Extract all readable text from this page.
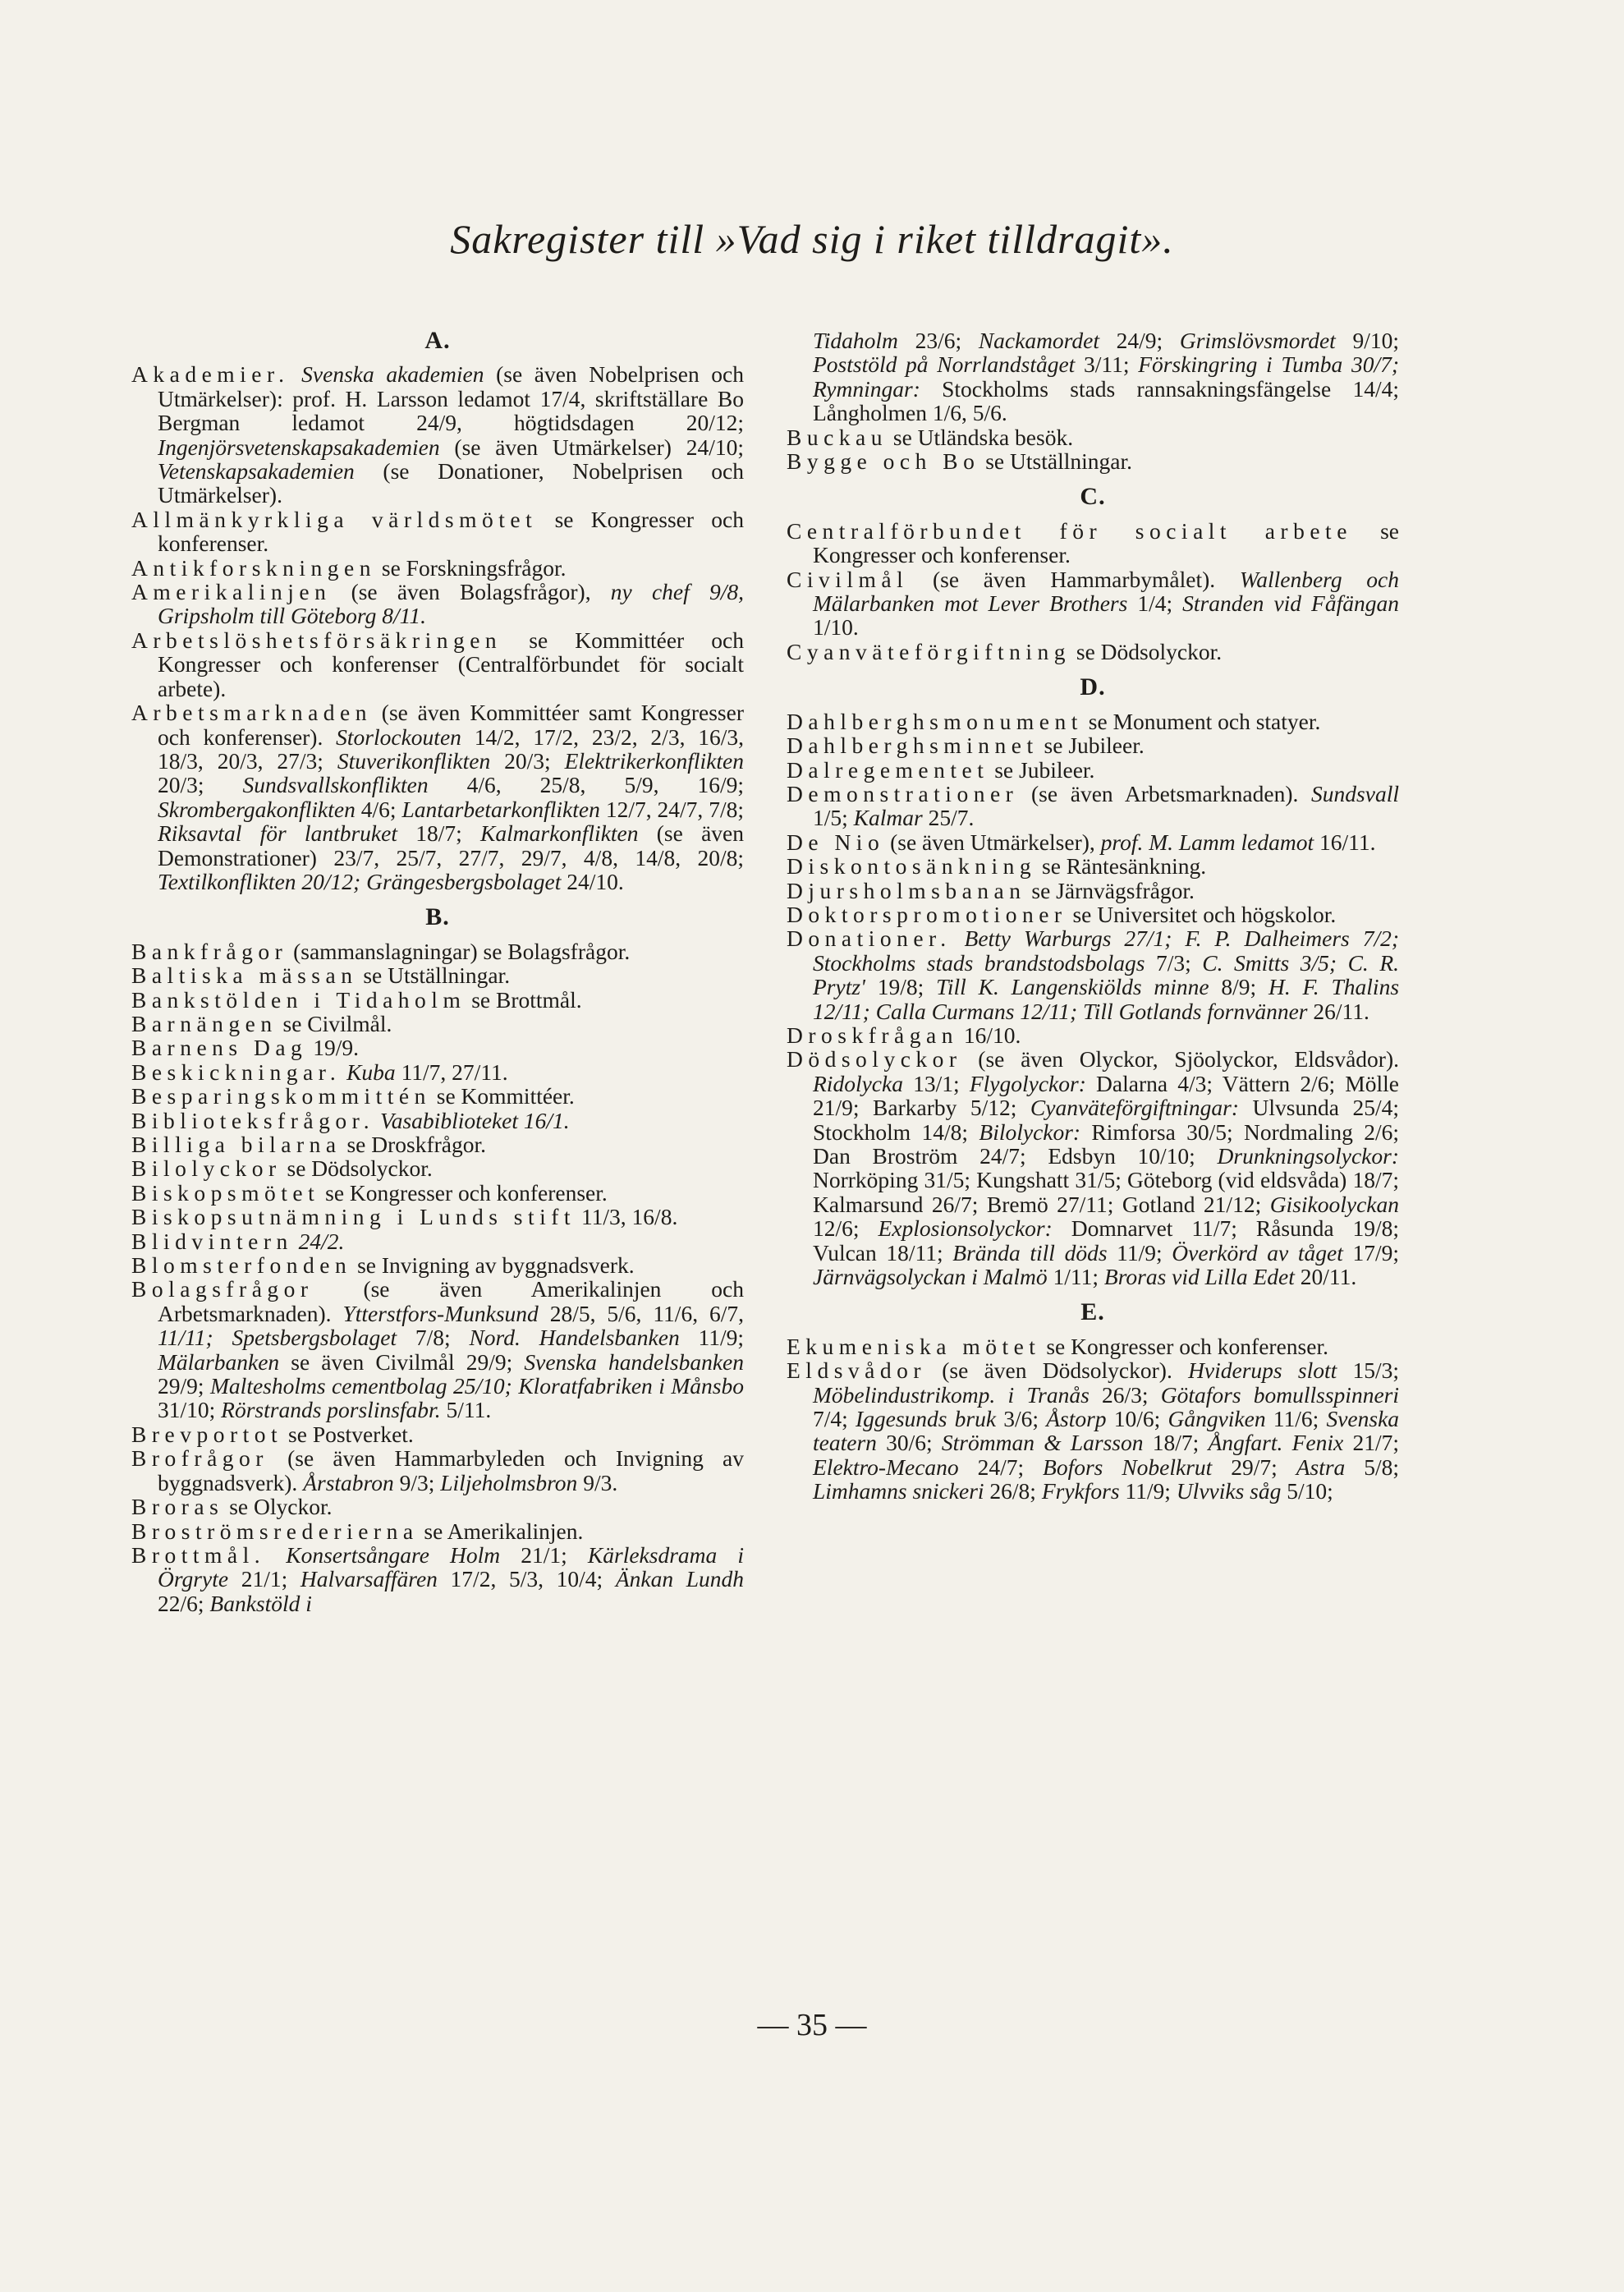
Sakregister till »Vad sig i riket tilldragit».
A.

Akademier. Svenska akademien (se även Nobelprisen och Utmärkelser): prof. H. Larsson ledamot 17/4, skriftställare Bo Bergman ledamot 24/9, högtidsdagen 20/12; Ingenjörsvetenskapsakademien (se även Utmärkelser) 24/10; Vetenskapsakademien (se Donationer, Nobelprisen och Utmärkelser).

Allmänkyrkliga världsmötet se Kongresser och konferenser.

Antikforskningen se Forskningsfrågor.

Amerikalinjen (se även Bolagsfrågor), ny chef 9/8, Gripsholm till Göteborg 8/11.

Arbetslöshetsförsäkringen se Kommittéer och Kongresser och konferenser (Centralförbundet för socialt arbete).

Arbetsmarknaden (se även Kommittéer samt Kongresser och konferenser). Storlockouten 14/2, 17/2, 23/2, 2/3, 16/3, 18/3, 20/3, 27/3; Stuverikonflikten 20/3; Elektrikerkonflikten 20/3; Sundsvallskonflikten 4/6, 25/8, 5/9, 16/9; Skrombergakonflikten 4/6; Lantarbetarkonflikten 12/7, 24/7, 7/8; Riksavtal för lantbruket 18/7; Kalmarkonflikten (se även Demonstrationer) 23/7, 25/7, 27/7, 29/7, 4/8, 14/8, 20/8; Textilkonflikten 20/12; Grängesbergsbolaget 24/10.

B.

Bankfrågor (sammanslagningar) se Bolagsfrågor.

Baltiska mässan se Utställningar.

Bankstölden i Tidaholm se Brottmål.

Barnängen se Civilmål.

Barnens Dag 19/9.

Beskickningar. Kuba 11/7, 27/11.

Besparingskommittén se Kommittéer.

Biblioteksfrågor. Vasabiblioteket 16/1.

Billiga bilarna se Droskfrågor.

Bilolyckor se Dödsolyckor.

Biskopsmötet se Kongresser och konferenser.

Biskopsutnämning i Lunds stift 11/3, 16/8.

Blidvintern 24/2.

Blomsterfonden se Invigning av byggnadsverk.

Bolagsfrågor (se även Amerikalinjen och Arbetsmarknaden). Ytterstfors-Munksund 28/5, 5/6, 11/6, 6/7, 11/11; Spetsbergsbolaget 7/8; Nord. Handelsbanken 11/9; Mälarbanken se även Civilmål 29/9; Svenska handelsbanken 29/9; Maltesholms cementbolag 25/10; Kloratfabriken i Månsbo 31/10; Rörstrands porslinsfabr. 5/11.

Brevportot se Postverket.

Brofrågor (se även Hammarbyleden och Invigning av byggnadsverk). Årstabron 9/3; Liljeholmsbron 9/3.

Broras se Olyckor.

Broströmsrederierna se Amerikalinjen.

Brottmål. Konsertsångare Holm 21/1; Kärleksdrama i Örgryte 21/1; Halvarsaffären 17/2, 5/3, 10/4; Änkan Lundh 22/6; Bankstöld i

Tidaholm 23/6; Nackamordet 24/9; Grimslövsmordet 9/10; Poststöld på Norrlandståget 3/11; Förskingring i Tumba 30/7; Rymningar: Stockholms stads rannsakningsfängelse 14/4; Långholmen 1/6, 5/6.

Buckau se Utländska besök.

Bygge och Bo se Utställningar.

C.

Centralförbundet för socialt arbete se Kongresser och konferenser.

Civilmål (se även Hammarbymålet). Wallenberg och Mälarbanken mot Lever Brothers 1/4; Stranden vid Fåfängan 1/10.

Cyanväteförgiftning se Dödsolyckor.

D.

Dahlberghsmonument se Monument och statyer.

Dahlberghsminnet se Jubileer.

Dalregementet se Jubileer.

Demonstrationer (se även Arbetsmarknaden). Sundsvall 1/5; Kalmar 25/7.

De Nio (se även Utmärkelser), prof. M. Lamm ledamot 16/11.

Diskontosänkning se Räntesänkning.

Djursholmsbanan se Järnvägsfrågor.

Doktorspromotioner se Universitet och högskolor.

Donationer. Betty Warburgs 27/1; F. P. Dalheimers 7/2; Stockholms stads brandstodsbolags 7/3; C. Smitts 3/5; C. R. Prytz' 19/8; Till K. Langenskiölds minne 8/9; H. F. Thalins 12/11; Calla Curmans 12/11; Till Gotlands fornvänner 26/11.

Droskfrågan 16/10.

Dödsolyckor (se även Olyckor, Sjöolyckor, Eldsvådor). Ridolycka 13/1; Flygolyckor: Dalarna 4/3; Vättern 2/6; Mölle 21/9; Barkarby 5/12; Cyanväteförgiftningar: Ulvsunda 25/4; Stockholm 14/8; Bilolyckor: Rimforsa 30/5; Nordmaling 2/6; Dan Broström 24/7; Edsbyn 10/10; Drunkningsolyckor: Norrköping 31/5; Kungshatt 31/5; Göteborg (vid eldsvåda) 18/7; Kalmarsund 26/7; Bremö 27/11; Gotland 21/12; Gisikoolyckan 12/6; Explosionsolyckor: Domnarvet 11/7; Råsunda 19/8; Vulcan 18/11; Brända till döds 11/9; Överkörd av tåget 17/9; Järnvägsolyckan i Malmö 1/11; Broras vid Lilla Edet 20/11.

E.

Ekumeniska mötet se Kongresser och konferenser.

Eldsvådor (se även Dödsolyckor). Hviderups slott 15/3; Möbelindustrikomp. i Tranås 26/3; Götafors bomullsspinneri 7/4; Iggesunds bruk 3/6; Åstorp 10/6; Gångviken 11/6; Svenska teatern 30/6; Strömman & Larsson 18/7; Ångfart. Fenix 21/7; Elektro-Mecano 24/7; Bofors Nobelkrut 29/7; Astra 5/8; Limhamns snickeri 26/8; Frykfors 11/9; Ulvviks såg 5/10;

— 35 —
